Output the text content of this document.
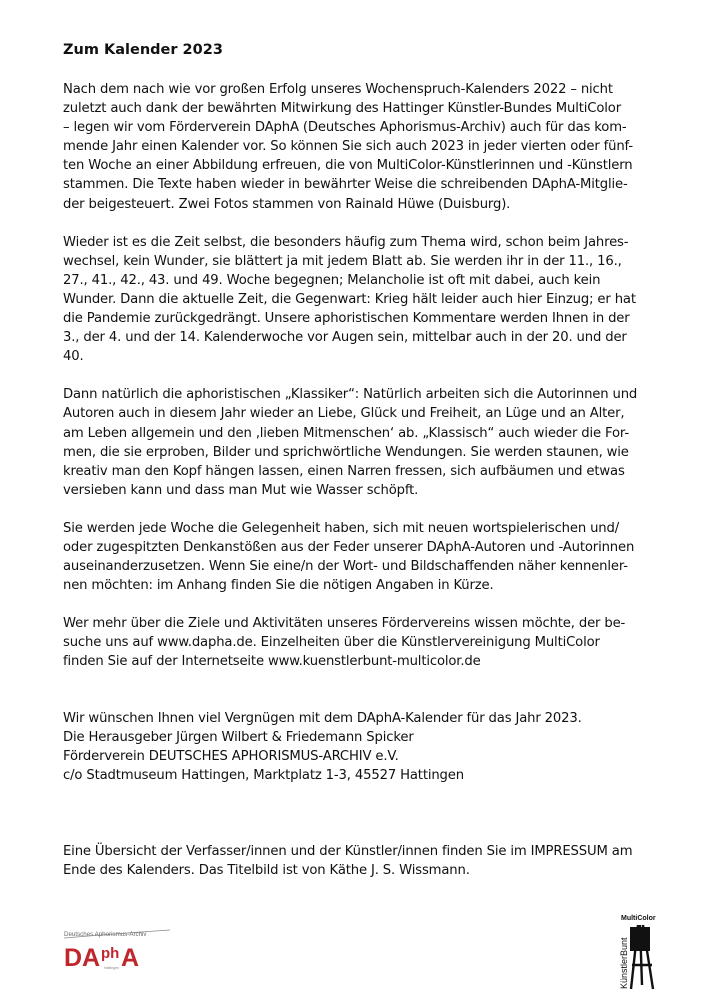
Zum Kalender 2023
Nach dem nach wie vor großen Erfolg unseres Wochenspruch-Kalenders 2022 – nicht
zuletzt auch dank der bewährten Mitwirkung des Hattinger Künstler-Bundes MultiColor
– legen wir vom Förderverein DAphA (Deutsches Aphorismus-Archiv) auch für das kom-
mende Jahr einen Kalender vor. So können Sie sich auch 2023 in jeder vierten oder fünf-
ten Woche an einer Abbildung erfreuen, die von MultiColor-Künstlerinnen und -Künstlern
stammen. Die Texte haben wieder in bewährter Weise die schreibenden DAphA-Mitglie-
der beigesteuert. Zwei Fotos stammen von Rainald Hüwe (Duisburg).
Wieder ist es die Zeit selbst, die besonders häufig zum Thema wird, schon beim Jahres-
wechsel, kein Wunder, sie blättert ja mit jedem Blatt ab. Sie werden ihr in der 11., 16.,
27., 41., 42., 43. und 49. Woche begegnen; Melancholie ist oft mit dabei, auch kein
Wunder. Dann die aktuelle Zeit, die Gegenwart: Krieg hält leider auch hier Einzug; er hat
die Pandemie zurückgedrängt. Unsere aphoristischen Kommentare werden Ihnen in der
3., der 4. und der 14. Kalenderwoche vor Augen sein, mittelbar auch in der 20. und der
40.
Dann natürlich die aphoristischen „Klassiker“: Natürlich arbeiten sich die Autorinnen und
Autoren auch in diesem Jahr wieder an Liebe, Glück und Freiheit, an Lüge und an Alter,
am Leben allgemein und den ‚lieben Mitmenschen‘ ab. „Klassisch“ auch wieder die For-
men, die sie erproben, Bilder und sprichwörtliche Wendungen. Sie werden staunen, wie
kreativ man den Kopf hängen lassen, einen Narren fressen, sich aufbäumen und etwas
versieben kann und dass man Mut wie Wasser schöpft.
Sie werden jede Woche die Gelegenheit haben, sich mit neuen wortspielerischen und/
oder zugespitzten Denkanstößen aus der Feder unserer DAphA-Autoren und -Autorinnen
auseinanderzusetzen. Wenn Sie eine/n der Wort- und Bildschaffenden näher kennenler-
nen möchten: im Anhang finden Sie die nötigen Angaben in Kürze.
Wer mehr über die Ziele und Aktivitäten unseres Fördervereins wissen möchte, der be-
suche uns auf www.dapha.de. Einzelheiten über die Künstlervereinigung MultiColor
finden Sie auf der Internetseite www.kuenstlerbunt-multicolor.de
Wir wünschen Ihnen viel Vergnügen mit dem DAphA-Kalender für das Jahr 2023.
Die Herausgeber Jürgen Wilbert & Friedemann Spicker
Förderverein DEUTSCHES APHORISMUS-ARCHIV e.V.
c/o Stadtmuseum Hattingen, Marktplatz 1-3, 45527 Hattingen
Eine Übersicht der Verfasser/innen und der Künstler/innen finden Sie im IMPRESSUM am
Ende des Kalenders. Das Titelbild ist von Käthe J. S. Wissmann.
Deutsches Aphorismus-Archiv
DA ph A
Hattingen
MultiColor
KünstlerBunt
